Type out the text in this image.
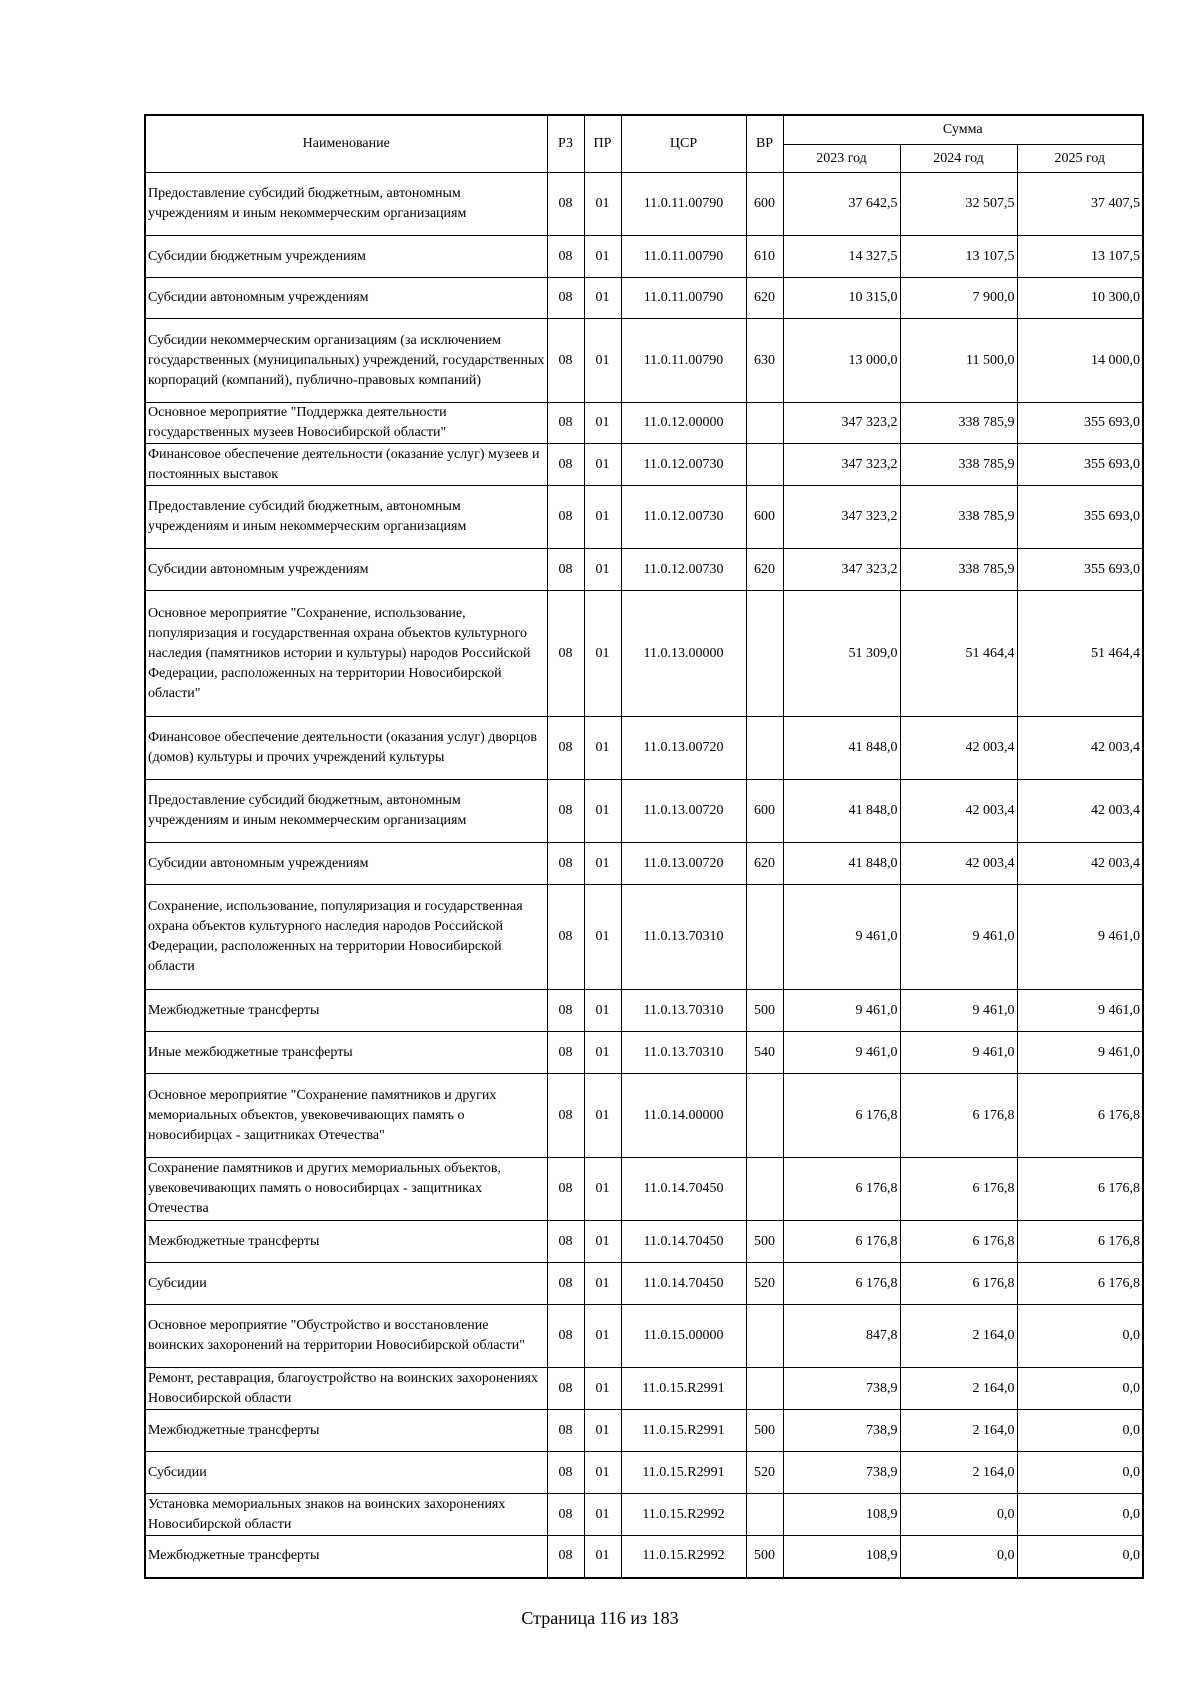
Наименование	РЗ	ПР	ЦСР	ВР	Сумма		
					2023 год	2024 год	2025 год
Предоставление субсидий бюджетным, автономным учреждениям и иным некоммерческим организациям	08	01	11.0.11.00790	600	37 642,5	32 507,5	37 407,5
Субсидии бюджетным учреждениям	08	01	11.0.11.00790	610	14 327,5	13 107,5	13 107,5
Субсидии автономным учреждениям	08	01	11.0.11.00790	620	10 315,0	7 900,0	10 300,0
Субсидии некоммерческим организациям (за исключением государственных (муниципальных) учреждений, государственных корпораций (компаний), публично-правовых компаний)	08	01	11.0.11.00790	630	13 000,0	11 500,0	14 000,0
Основное мероприятие "Поддержка деятельности государственных музеев Новосибирской области"	08	01	11.0.12.00000		347 323,2	338 785,9	355 693,0
Финансовое обеспечение деятельности (оказание услуг) музеев и постоянных выставок	08	01	11.0.12.00730		347 323,2	338 785,9	355 693,0
Предоставление субсидий бюджетным, автономным учреждениям и иным некоммерческим организациям	08	01	11.0.12.00730	600	347 323,2	338 785,9	355 693,0
Субсидии автономным учреждениям	08	01	11.0.12.00730	620	347 323,2	338 785,9	355 693,0
Основное мероприятие "Сохранение, использование, популяризация и государственная охрана объектов культурного наследия (памятников истории и культуры) народов Российской Федерации, расположенных на территории Новосибирской области"	08	01	11.0.13.00000		51 309,0	51 464,4	51 464,4
Финансовое обеспечение деятельности (оказания услуг) дворцов (домов) культуры и прочих учреждений культуры	08	01	11.0.13.00720		41 848,0	42 003,4	42 003,4
Предоставление субсидий бюджетным, автономным учреждениям и иным некоммерческим организациям	08	01	11.0.13.00720	600	41 848,0	42 003,4	42 003,4
Субсидии автономным учреждениям	08	01	11.0.13.00720	620	41 848,0	42 003,4	42 003,4
Сохранение, использование, популяризация и государственная охрана объектов культурного наследия народов Российской Федерации, расположенных на территории Новосибирской области	08	01	11.0.13.70310		9 461,0	9 461,0	9 461,0
Межбюджетные трансферты	08	01	11.0.13.70310	500	9 461,0	9 461,0	9 461,0
Иные межбюджетные трансферты	08	01	11.0.13.70310	540	9 461,0	9 461,0	9 461,0
Основное мероприятие "Сохранение памятников и других мемориальных объектов, увековечивающих память о новосибирцах - защитниках Отечества"	08	01	11.0.14.00000		6 176,8	6 176,8	6 176,8
Сохранение памятников и других мемориальных объектов, увековечивающих память о новосибирцах - защитниках Отечества	08	01	11.0.14.70450		6 176,8	6 176,8	6 176,8
Межбюджетные трансферты	08	01	11.0.14.70450	500	6 176,8	6 176,8	6 176,8
Субсидии	08	01	11.0.14.70450	520	6 176,8	6 176,8	6 176,8
Основное мероприятие "Обустройство и восстановление воинских захоронений на территории Новосибирской области"	08	01	11.0.15.00000		847,8	2 164,0	0,0
Ремонт, реставрация, благоустройство на воинских захоронениях Новосибирской области	08	01	11.0.15.R2991		738,9	2 164,0	0,0
Межбюджетные трансферты	08	01	11.0.15.R2991	500	738,9	2 164,0	0,0
Субсидии	08	01	11.0.15.R2991	520	738,9	2 164,0	0,0
Установка мемориальных знаков на воинских захоронениях Новосибирской области	08	01	11.0.15.R2992		108,9	0,0	0,0
Межбюджетные трансферты	08	01	11.0.15.R2992	500	108,9	0,0	0,0
Страница 116 из 183
